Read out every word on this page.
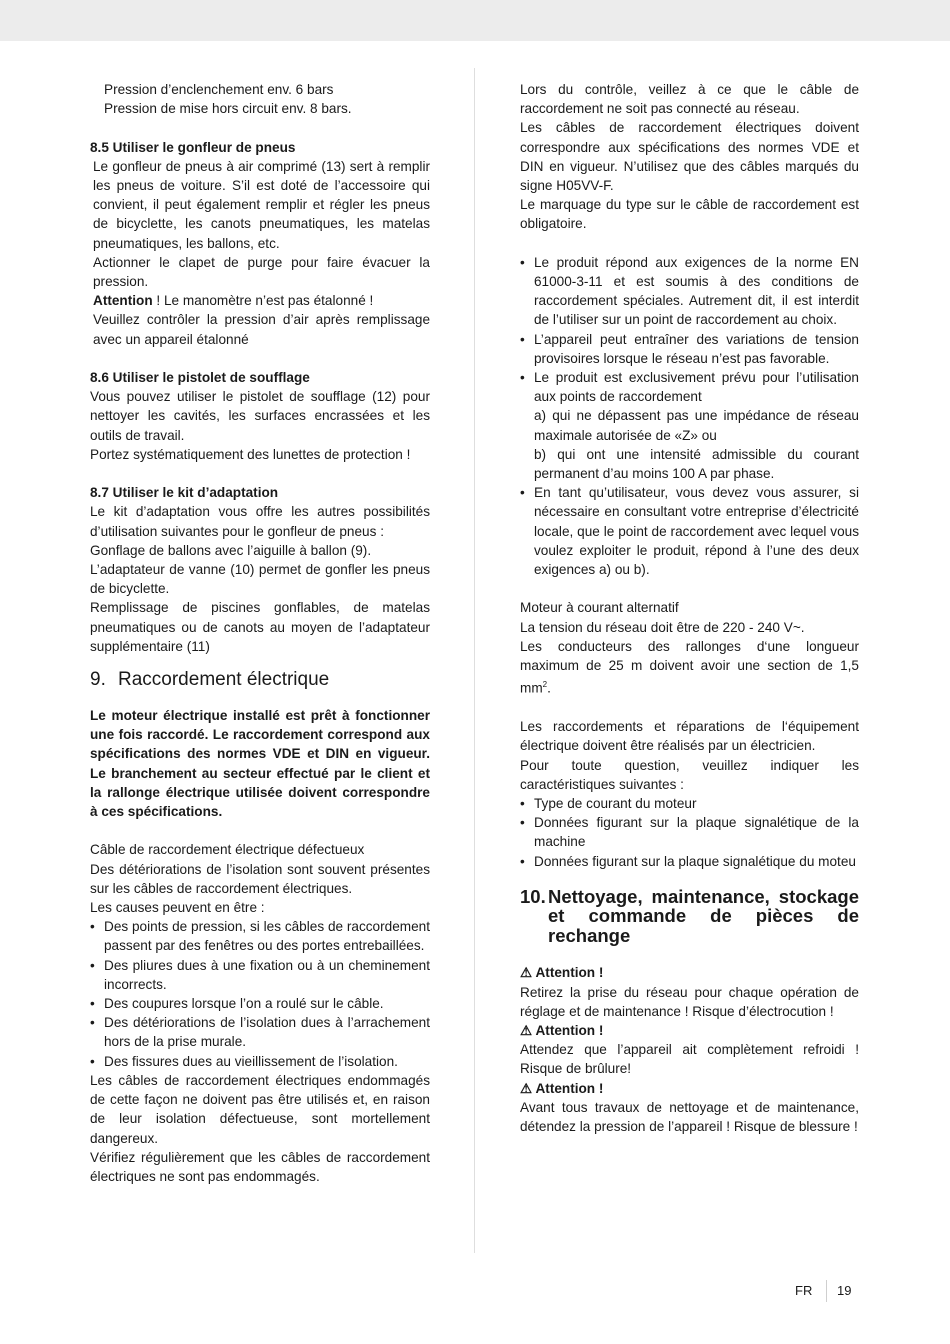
Pression d’enclenchement env. 6 bars

Pression de mise hors circuit env. 8 bars.

8.5 Utiliser le gonfleur de pneus

Le gonfleur de pneus à air comprimé (13) sert à remplir les pneus de voiture. S’il est doté de l’accessoire qui convient, il peut également remplir et régler les pneus de bicyclette, les canots pneumatiques, les matelas pneumatiques, les ballons, etc.

Actionner le clapet de purge pour faire évacuer la pression.

Attention ! Le manomètre n’est pas étalonné !

Veuillez contrôler la pression d’air après remplissage avec un appareil étalonné

8.6 Utiliser le pistolet de soufflage

Vous pouvez utiliser le pistolet de soufflage (12) pour nettoyer les cavités, les surfaces encrassées et les outils de travail.

Portez systématiquement des lunettes de protection !

8.7 Utiliser le kit d’adaptation

Le kit d’adaptation vous offre les autres possibilités d’utilisation suivantes pour le gonfleur de pneus :

Gonflage de ballons avec l’aiguille à ballon (9).

L’adaptateur de vanne (10) permet de gonfler les pneus de bicyclette.

Remplissage de piscines gonflables, de matelas pneumatiques ou de canots au moyen de l’adaptateur supplémentaire (11)

9. Raccordement électrique

Le moteur électrique installé est prêt à fonctionner une fois raccordé. Le raccordement correspond aux spécifications des normes VDE et DIN en vigueur. Le branchement au secteur effectué par le client et la rallonge électrique utilisée doivent correspondre à ces spécifications.

Câble de raccordement électrique défectueux

Des détériorations de l’isolation sont souvent présentes sur les câbles de raccordement électriques.

Les causes peuvent en être :

• Des points de pression, si les câbles de raccordement passent par des fenêtres ou des portes entrebaillées.
• Des pliures dues à une fixation ou à un cheminement incorrects.
• Des coupures lorsque l’on a roulé sur le câble.
• Des détériorations de l’isolation dues à l’arrachement hors de la prise murale.
• Des fissures dues au vieillissement de l’isolation.

Les câbles de raccordement électriques endommagés de cette façon ne doivent pas être utilisés et, en raison de leur isolation défectueuse, sont mortellement dangereux.

Vérifiez régulièrement que les câbles de raccordement électriques ne sont pas endommagés.

Lors du contrôle, veillez à ce que le câble de raccordement ne soit pas connecté au réseau.

Les câbles de raccordement électriques doivent correspondre aux spécifications des normes VDE et DIN en vigueur. N’utilisez que des câbles marqués du signe H05VV-F.

Le marquage du type sur le câble de raccordement est obligatoire.

• Le produit répond aux exigences de la norme EN 61000-3-11 et est soumis à des conditions de raccordement spéciales. Autrement dit, il est interdit de l’utiliser sur un point de raccordement au choix.
• L’appareil peut entraîner des variations de tension provisoires lorsque le réseau n’est pas favorable.
• Le produit est exclusivement prévu pour l’utilisation aux points de raccordement
a) qui ne dépassent pas une impédance de réseau maximale autorisée de «Z» ou
b) qui ont une intensité admissible du courant permanent d’au moins 100 A par phase.
• En tant qu’utilisateur, vous devez vous assurer, si nécessaire en consultant votre entreprise d’électricité locale, que le point de raccordement avec lequel vous voulez exploiter le produit, répond à l’une des deux exigences a) ou b).

Moteur à courant alternatif

La tension du réseau doit être de 220 - 240 V~.

Les conducteurs des rallonges d‘une longueur maximum de 25 m doivent avoir une section de 1,5 $mm^2$.

Les raccordements et réparations de l‘équipement électrique doivent être réalisés par un électricien.

Pour toute question, veuillez indiquer les caractéristiques suivantes :

• Type de courant du moteur
• Données figurant sur la plaque signalétique de la machine
• Données figurant sur la plaque signalétique du moteu
10. Nettoyage, maintenance, stockage et commande de pièces de rechange

⚠ Attention !

Retirez la prise du réseau pour chaque opération de réglage et de maintenance ! Risque d’électrocution !

⚠ Attention !

Attendez que l’appareil ait complètement refroidi ! Risque de brûlure!

⚠ Attention !

Avant tous travaux de nettoyage et de maintenance, détendez la pression de l’appareil ! Risque de blessure !

FR 19
